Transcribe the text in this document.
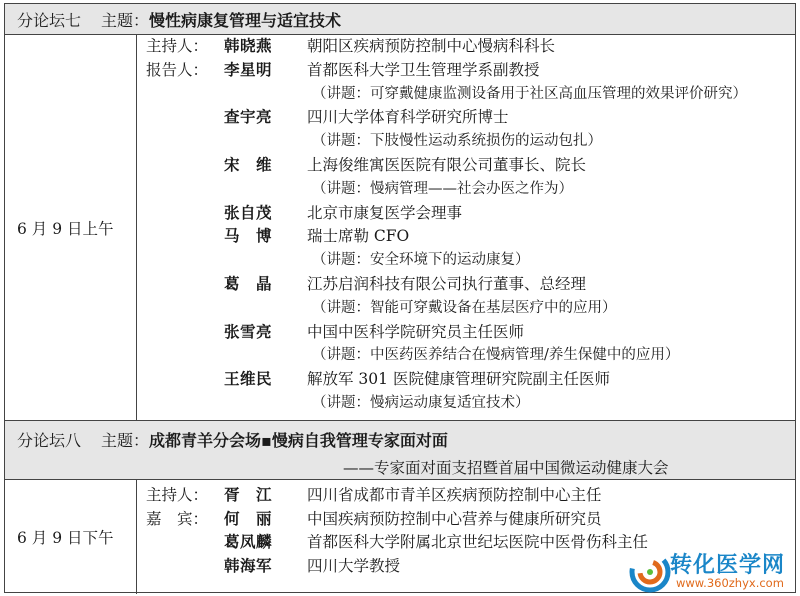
分论坛七 主题：慢性病康复管理与适宜技术
6 月 9 日上午
分论坛八 主题：成都青羊分会场▪慢病自我管理专家面对面
——专家面对面支招暨首届中国微运动健康大会
6 月 9 日下午
主持人： 韩晓燕 朝阳区疾病预防控制中心慢病科科长
报告人： 李星明 首都医科大学卫生管理学系副教授
（讲题：可穿戴健康监测设备用于社区高血压管理的效果评价研究）
查宇亮 四川大学体育科学研究所博士
（讲题：下肢慢性运动系统损伤的运动包扎）
宋　维 上海俊维寓医医院有限公司董事长、院长
（讲题：慢病管理——社会办医之作为）
张自茂 北京市康复医学会理事
马　博 瑞士席勒 CFO
（讲题：安全环境下的运动康复）
葛　晶 江苏启润科技有限公司执行董事、总经理
（讲题：智能可穿戴设备在基层医疗中的应用）
张雪亮 中国中医科学院研究员主任医师
（讲题：中医药医养结合在慢病管理/养生保健中的应用）
王维民 解放军 301 医院健康管理研究院副主任医师
（讲题：慢病运动康复适宜技术）
主持人： 胥　江 四川省成都市青羊区疾病预防控制中心主任
嘉　宾： 何　丽 中国疾病预防控制中心营养与健康所研究员
葛凤麟 首都医科大学附属北京世纪坛医院中医骨伤科主任
韩海军 四川大学教授	转化医学网
www.360zhyx.com
